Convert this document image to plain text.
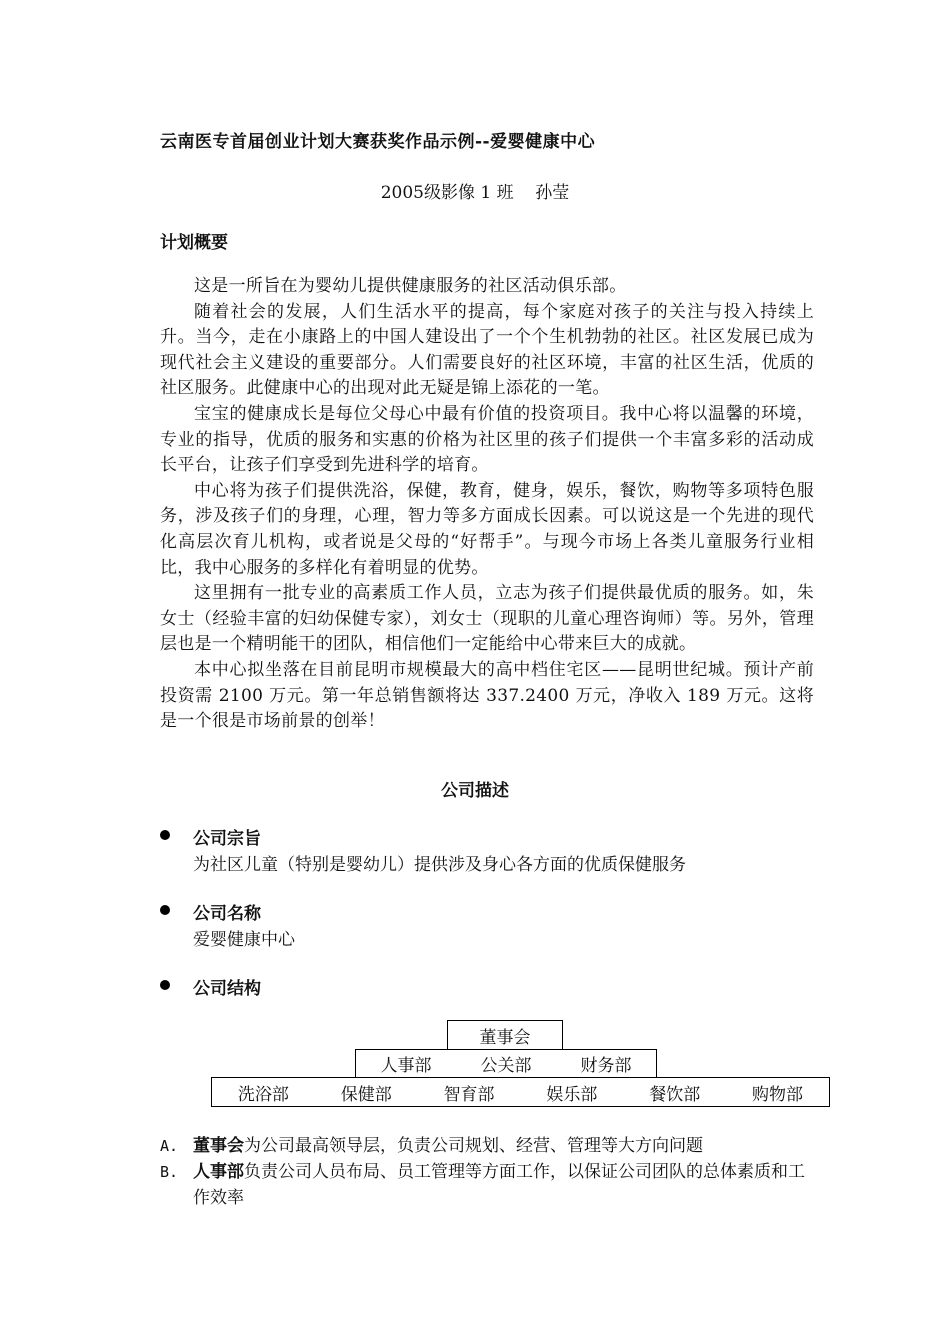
云南医专首届创业计划大赛获奖作品示例--爱婴健康中心
2005级影像 1 班    孙莹
计划概要

这是一所旨在为婴幼儿提供健康服务的社区活动俱乐部。

随着社会的发展，人们生活水平的提高，每个家庭对孩子的关注与投入持续上升。当今，走在小康路上的中国人建设出了一个个生机勃勃的社区。社区发展已成为现代社会主义建设的重要部分。人们需要良好的社区环境，丰富的社区生活，优质的社区服务。此健康中心的出现对此无疑是锦上添花的一笔。

宝宝的健康成长是每位父母心中最有价值的投资项目。我中心将以温馨的环境，专业的指导，优质的服务和实惠的价格为社区里的孩子们提供一个丰富多彩的活动成长平台，让孩子们享受到先进科学的培育。

中心将为孩子们提供洗浴，保健，教育，健身，娱乐，餐饮，购物等多项特色服务，涉及孩子们的身理，心理，智力等多方面成长因素。可以说这是一个先进的现代化高层次育儿机构，或者说是父母的“好帮手”。与现今市场上各类儿童服务行业相比，我中心服务的多样化有着明显的优势。

这里拥有一批专业的高素质工作人员，立志为孩子们提供最优质的服务。如，朱女士（经验丰富的妇幼保健专家），刘女士（现职的儿童心理咨询师）等。另外，管理层也是一个精明能干的团队，相信他们一定能给中心带来巨大的成就。

本中心拟坐落在目前昆明市规模最大的高中档住宅区——昆明世纪城。预计产前投资需 2100 万元。第一年总销售额将达 337.2400 万元，净收入 189 万元。这将是一个很是市场前景的创举！

公司描述
公司宗旨
为社区儿童（特别是婴幼儿）提供涉及身心各方面的优质保健服务
公司名称
爱婴健康中心
公司结构
董事会
人事部	公关部	财务部
洗浴部	保健部	智育部	娱乐部	餐饮部	购物部
A. 董事会为公司最高领导层，负责公司规划、经营、管理等大方向问题
B. 人事部负责公司人员布局、员工管理等方面工作，以保证公司团队的总体素质和工作效率
